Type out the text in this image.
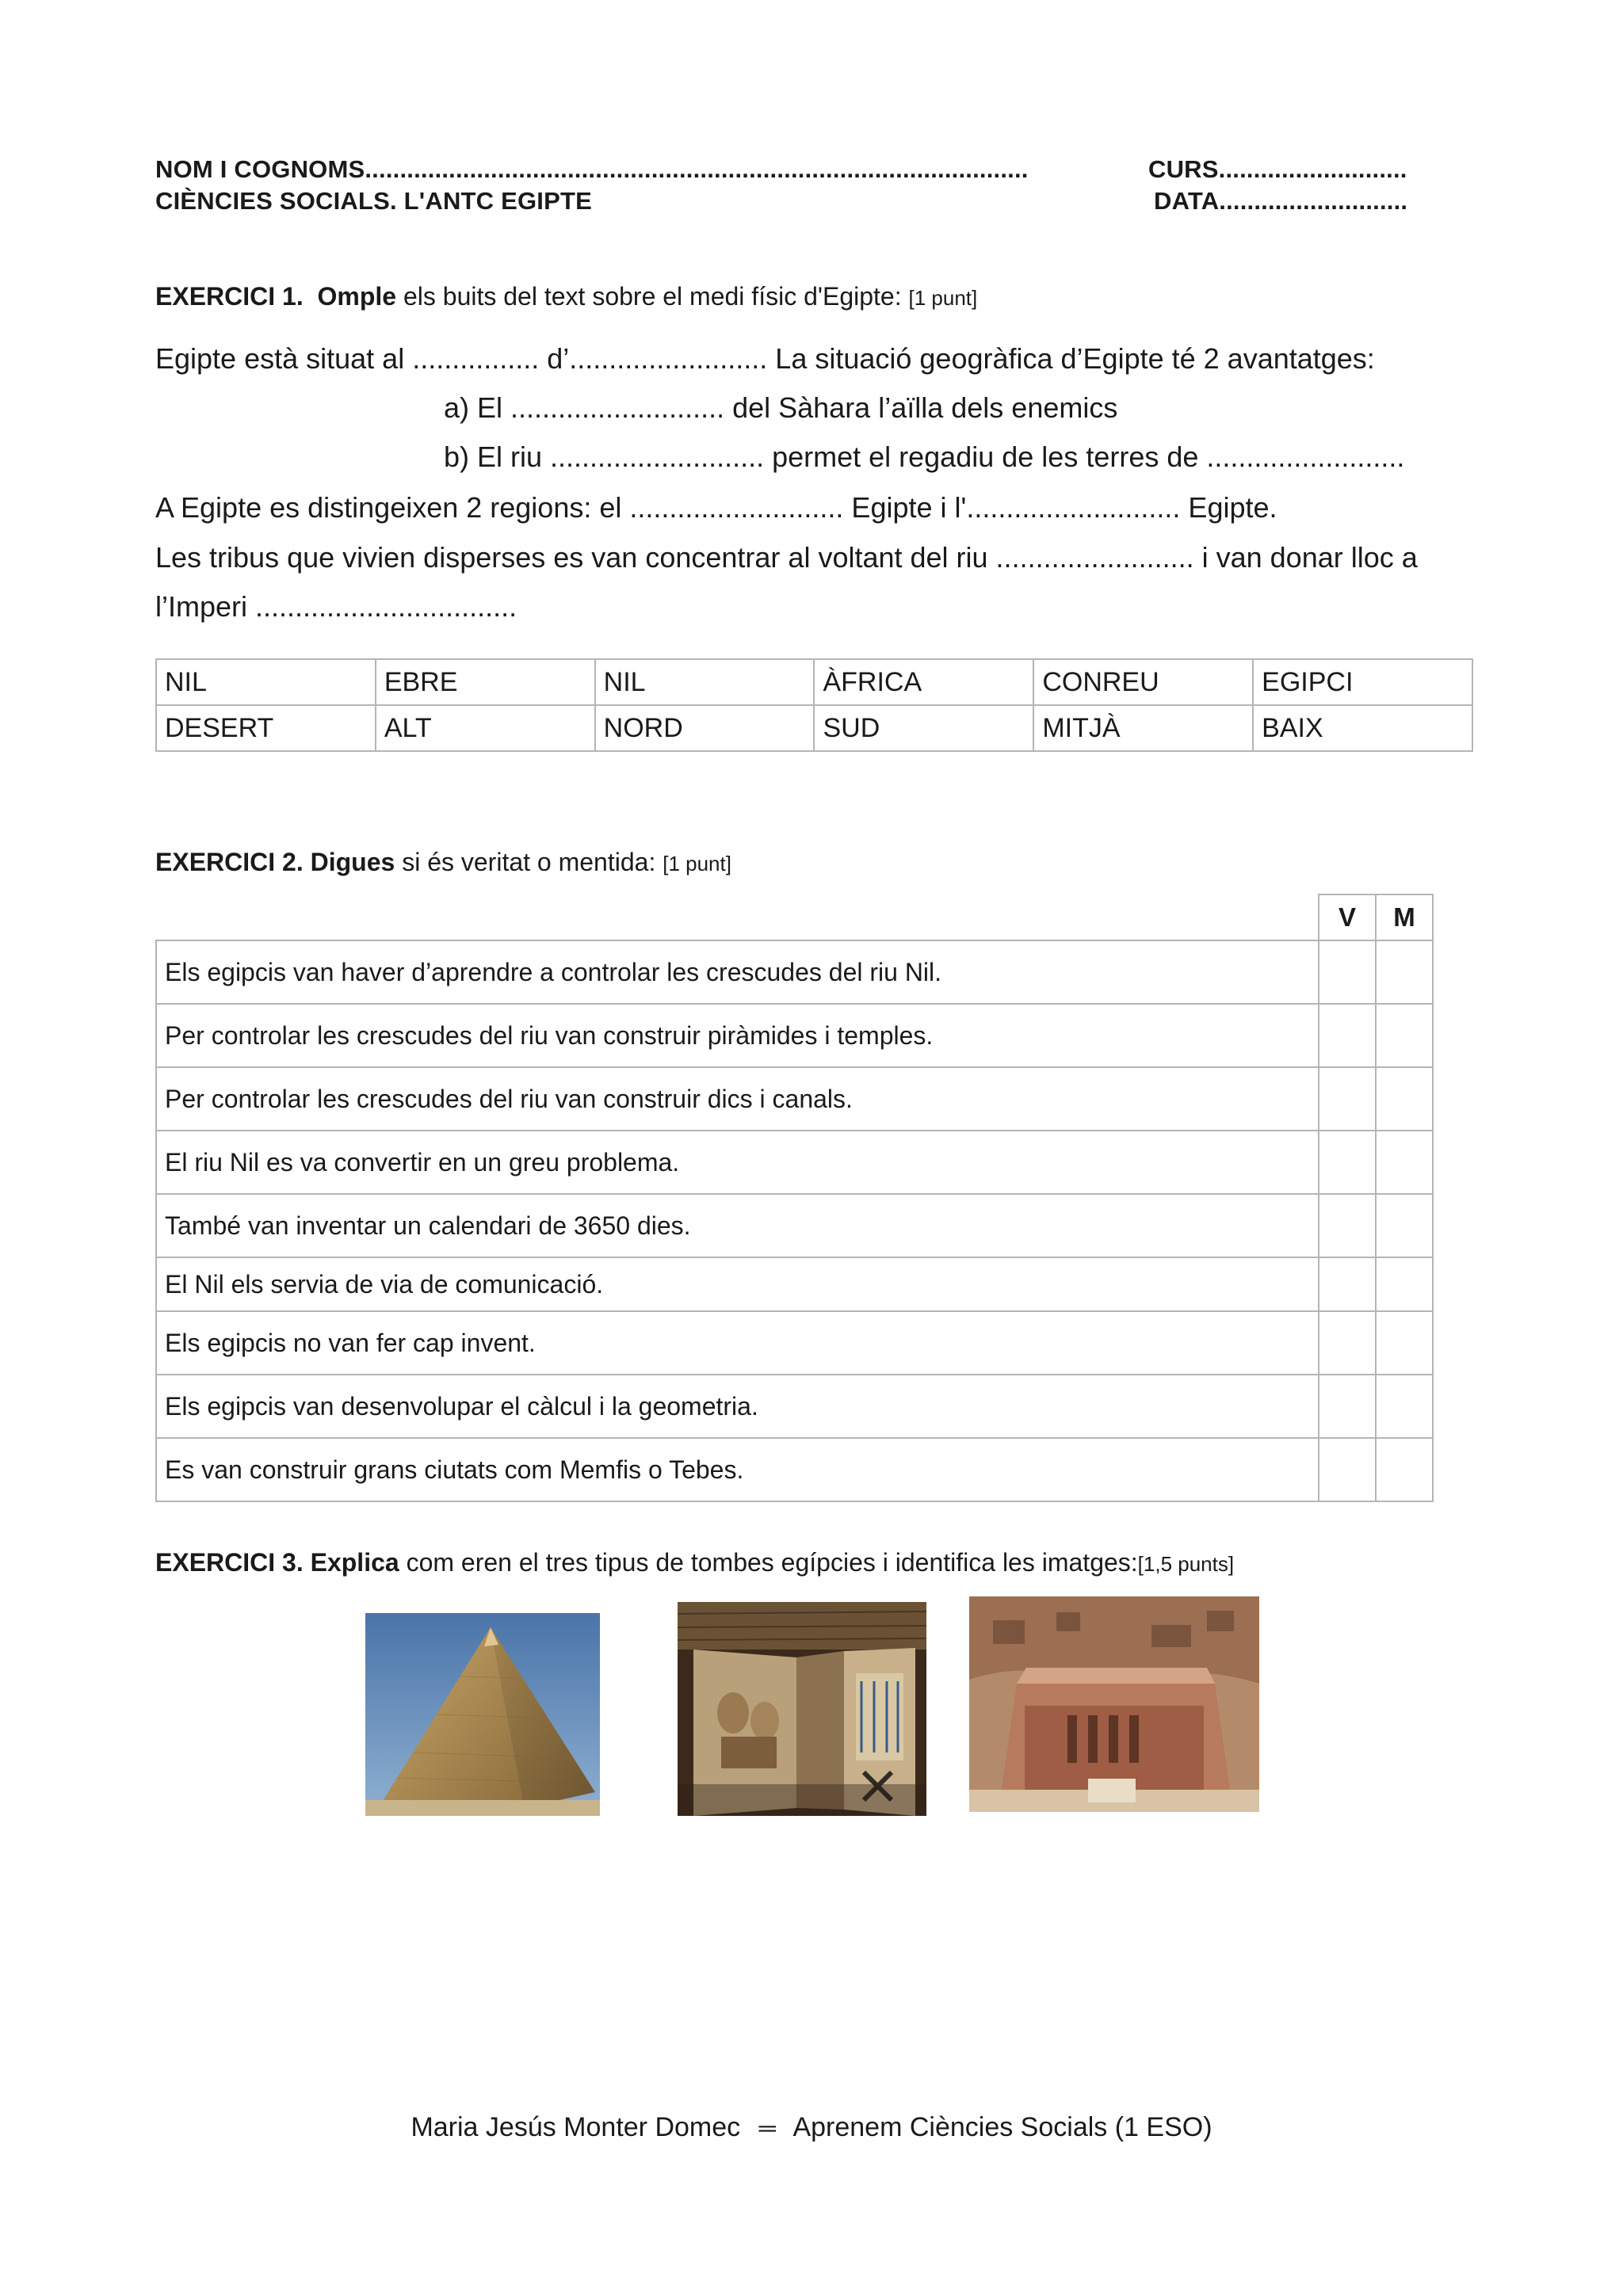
NOM I COGNOMS...............................................................................................	CURS...........................
CIÈNCIES SOCIALS. L'ANTC EGIPTE	DATA...........................
EXERCICI 1. Omple els buits del text sobre el medi físic d'Egipte: [1 punt]
Egipte està situat al ................ d’......................... La situació geogràfica d’Egipte té 2 avantatges:
a) El ........................... del Sàhara l’aïlla dels enemics
b) El riu ........................... permet el regadiu de les terres de .........................
A Egipte es distingeixen 2 regions: el ........................... Egipte i l'........................... Egipte.
Les tribus que vivien disperses es van concentrar al voltant del riu ......................... i van donar lloc a
l’Imperi .................................
NIL	EBRE	NIL	ÀFRICA	CONREU	EGIPCI
DESERT	ALT	NORD	SUD	MITJÀ	BAIX
EXERCICI 2. Digues si és veritat o mentida: [1 punt]
	V	M
Els egipcis van haver d’aprendre a controlar les crescudes del riu Nil.		
Per controlar les crescudes del riu van construir piràmides i temples.		
Per controlar les crescudes del riu van construir dics i canals.		
El riu Nil es va convertir en un greu problema.		
També van inventar un calendari de 3650 dies.		
El Nil els servia de via de comunicació.		
Els egipcis no van fer cap invent.		
Els egipcis van desenvolupar el càlcul i la geometria.		
Es van construir grans ciutats com Memfis o Tebes.		
EXERCICI 3. Explica com eren el tres tipus de tombes egípcies i identifica les imatges:[1,5 punts]
Maria Jesús Monter Domec ═ Aprenem Ciències Socials (1 ESO)
